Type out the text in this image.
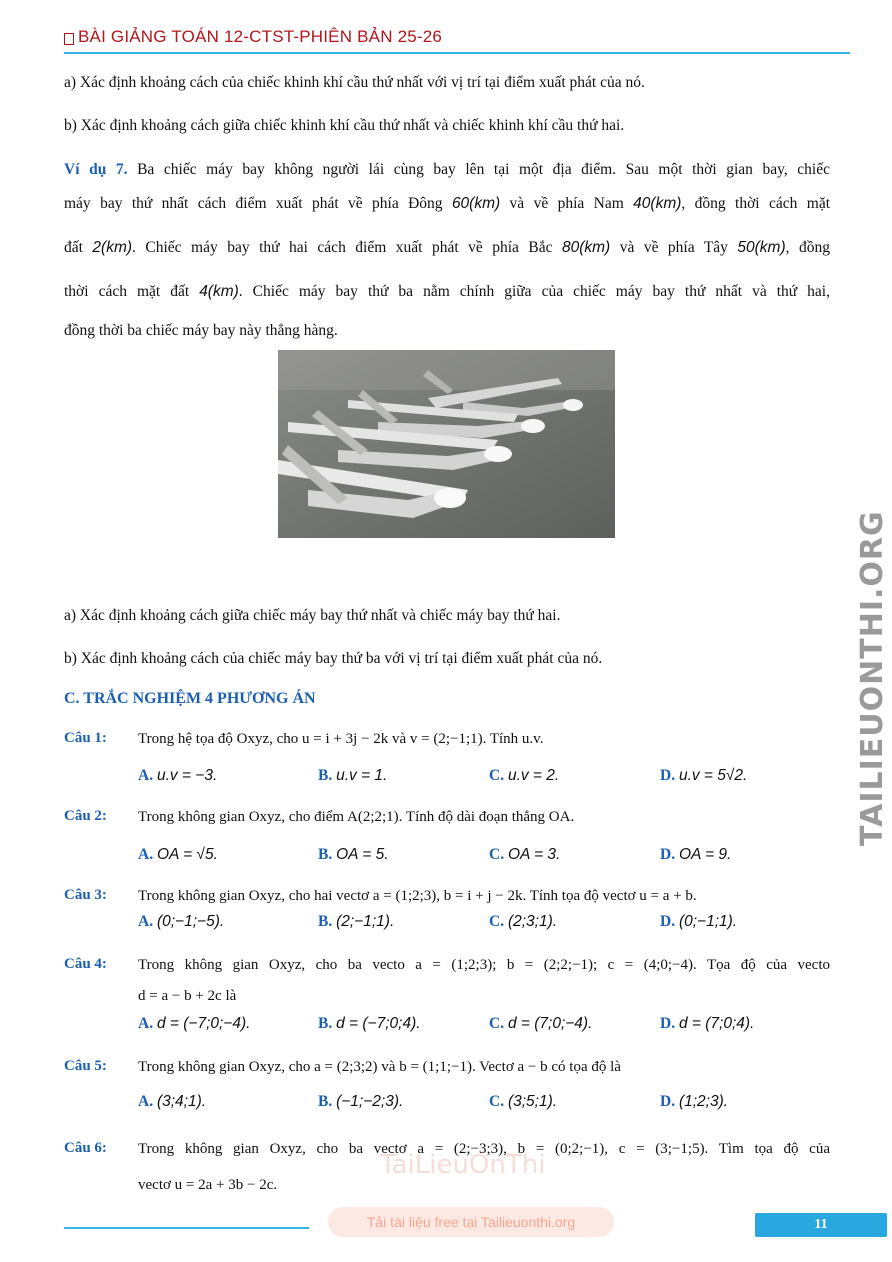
BÀI GIẢNG TOÁN 12-CTST-PHIÊN BẢN 25-26
a) Xác định khoảng cách của chiếc khinh khí cầu thứ nhất với vị trí tại điểm xuất phát của nó.
b) Xác định khoảng cách giữa chiếc khinh khí cầu thứ nhất và chiếc khinh khí cầu thứ hai.
Ví dụ 7. Ba chiếc máy bay không người lái cùng bay lên tại một địa điểm. Sau một thời gian bay, chiếc
máy bay thứ nhất cách điểm xuất phát về phía Đông 60(km) và về phía Nam 40(km), đồng thời cách mặt
đất 2(km). Chiếc máy bay thứ hai cách điểm xuất phát về phía Bắc 80(km) và về phía Tây 50(km), đồng
thời cách mặt đất 4(km). Chiếc máy bay thứ ba nằm chính giữa của chiếc máy bay thứ nhất và thứ hai,
đồng thời ba chiếc máy bay này thẳng hàng.
a) Xác định khoảng cách giữa chiếc máy bay thứ nhất và chiếc máy bay thứ hai.
b) Xác định khoảng cách của chiếc máy bay thứ ba với vị trí tại điểm xuất phát của nó.
C. TRẮC NGHIỆM 4 PHƯƠNG ÁN
Câu 1: Trong hệ tọa độ Oxyz, cho u = i + 3j − 2k và v = (2;−1;1). Tính u.v.
A. u.v = −3.	B. u.v = 1.	C. u.v = 2.	D. u.v = 5√2.
Câu 2: Trong không gian Oxyz, cho điểm A(2;2;1). Tính độ dài đoạn thẳng OA.
A. OA = √5.	B. OA = 5.	C. OA = 3.	D. OA = 9.
Câu 3: Trong không gian Oxyz, cho hai vectơ a = (1;2;3), b = i + j − 2k. Tính tọa độ vectơ u = a + b.
A. (0;−1;−5).	B. (2;−1;1).	C. (2;3;1).	D. (0;−1;1).
Câu 4: Trong không gian Oxyz, cho ba vecto a = (1;2;3); b = (2;2;−1); c = (4;0;−4). Tọa độ của vecto
d = a − b + 2c là
A. d = (−7;0;−4).	B. d = (−7;0;4).	C. d = (7;0;−4).	D. d = (7;0;4).
Câu 5: Trong không gian Oxyz, cho a = (2;3;2) và b = (1;1;−1). Vectơ a − b có tọa độ là
A. (3;4;1).	B. (−1;−2;3).	C. (3;5;1).	D. (1;2;3).
Câu 6: Trong không gian Oxyz, cho ba vectơ a = (2;−3;3), b = (0;2;−1), c = (3;−1;5). Tìm tọa độ của
vectơ u = 2a + 3b − 2c.
TaiLieuOnThi
TAILIEUONTHI.ORG
Tải tài liệu free tại Tailieuonthi.org	11
